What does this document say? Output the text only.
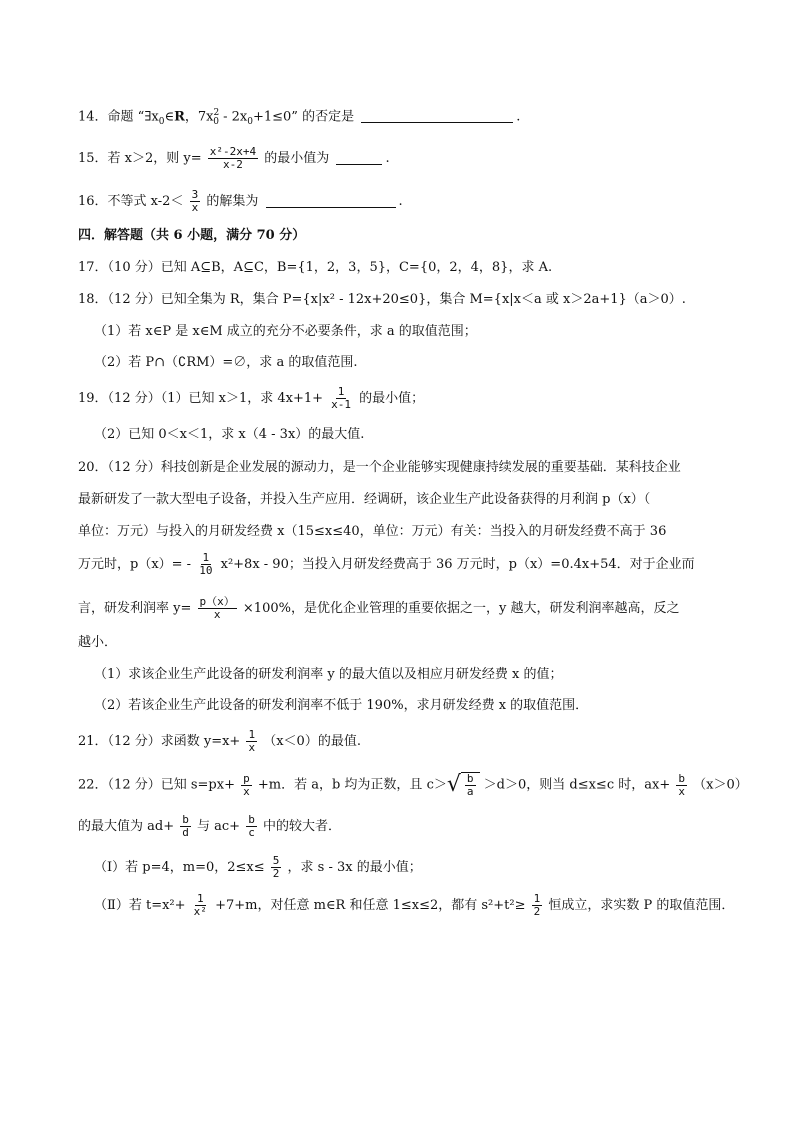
14．命题 “$\exists x_0\in R$，$7x^2_0 - 2x_0+1\le 0$” 的否定是	.
15．若 x＞2，则 $y= \frac{\text{x²-2x+4}}{x-2}$ 的最小值为	.
16．不等式 $x-2< \frac{3}{x}$ 的解集为	.
四．解答题（共 6 小题，满分 70 分）
17．（10 分）已知 A⊆B，A⊆C，B={1，2，3，5}，C={0，2，4，8}，求 A.
18．（12 分）已知全集为 R，集合 P={x|x² - 12x+20≤0}，集合 M={x|x＜a 或 x＞2a+1}（a＞0）.
（1）若 x∈P 是 x∈M 成立的充分不必要条件，求 a 的取值范围；
（2）若 P∩（∁RM）=∅，求 a 的取值范围.
19．（12 分）（1）已知 x＞1，求 $4x+1+ \frac{1}{x-1}$ 的最小值；
（2）已知 0＜x＜1，求 x（4 - 3x）的最大值.
20．（12 分）科技创新是企业发展的源动力，是一个企业能够实现健康持续发展的重要基础．某科技企业
最新研发了一款大型电子设备，并投入生产应用．经调研，该企业生产此设备获得的月利润 p（x）（
单位：万元）与投入的月研发经费 x（15≤x≤40，单位：万元）有关：当投入的月研发经费不高于 36
万元时，$p(x)= - \frac{1}{10} x^2+8x - 90$；当投入月研发经费高于 36 万元时，p（x）=0.4x+54．对于企业而
言，研发利润率 $y= \frac{p(x)}{x} \times 100\%$，是优化企业管理的重要依据之一，y 越大，研发利润率越高，反之
越小．
（1）求该企业生产此设备的研发利润率 y 的最大值以及相应月研发经费 x 的值；
（2）若该企业生产此设备的研发利润率不低于 190%，求月研发经费 x 的取值范围．
21．（12 分）求函数 $y=x+ \frac{1}{x} (x<0)$的最值.
22．（12 分）已知 $s=px+ \frac{p}{x} +m$．若 a，b 均为正数，且 $c>√ \frac{b}{a} >d>0$，则当 d≤x≤c 时，$ax+ \frac{b}{x} (x>0)$
的最大值为 $ad+ \frac{b}{d}$ 与 $ac+ \frac{b}{c}$ 中的较大者．
（Ⅰ）若 p=4，m=0，$2\le x\le \frac{5}{2}$ ，求 s - 3x 的最小值；
（Ⅱ）若 $t=x^2+ \frac{1}{\text{x²}} +7+m$，对任意 m∈R 和任意 1≤x≤2，都有 $s^2+t^2\ge \frac{1}{2}$ 恒成立，求实数 P 的取值范围．
